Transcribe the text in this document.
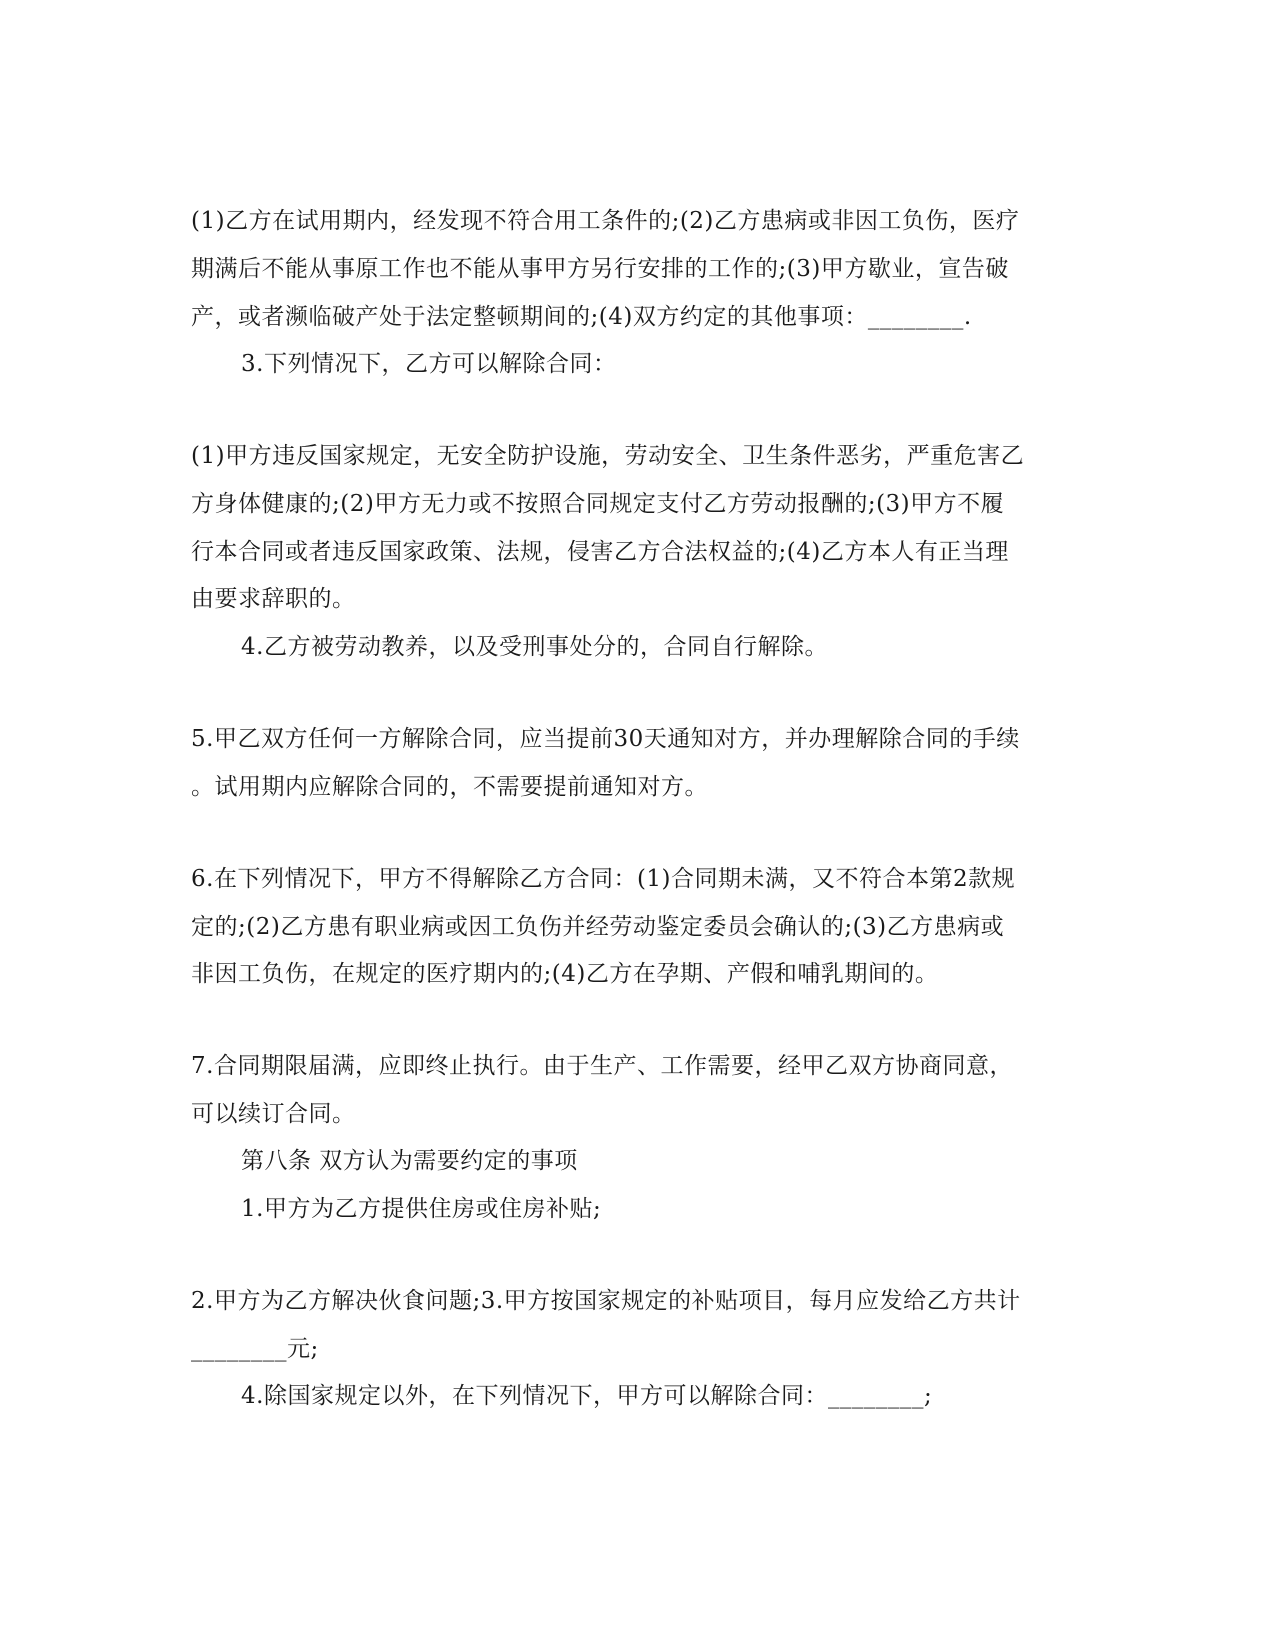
(1)乙方在试用期内，经发现不符合用工条件的;(2)乙方患病或非因工负伤，医疗
期满后不能从事原工作也不能从事甲方另行安排的工作的;(3)甲方歇业，宣告破
产，或者濒临破产处于法定整顿期间的;(4)双方约定的其他事项：________.
3.下列情况下，乙方可以解除合同：
(1)甲方违反国家规定，无安全防护设施，劳动安全、卫生条件恶劣，严重危害乙
方身体健康的;(2)甲方无力或不按照合同规定支付乙方劳动报酬的;(3)甲方不履
行本合同或者违反国家政策、法规，侵害乙方合法权益的;(4)乙方本人有正当理
由要求辞职的。
4.乙方被劳动教养，以及受刑事处分的，合同自行解除。
5.甲乙双方任何一方解除合同，应当提前30天通知对方，并办理解除合同的手续
。试用期内应解除合同的，不需要提前通知对方。
6.在下列情况下，甲方不得解除乙方合同：(1)合同期未满，又不符合本第2款规
定的;(2)乙方患有职业病或因工负伤并经劳动鉴定委员会确认的;(3)乙方患病或
非因工负伤，在规定的医疗期内的;(4)乙方在孕期、产假和哺乳期间的。
7.合同期限届满，应即终止执行。由于生产、工作需要，经甲乙双方协商同意，
可以续订合同。
第八条 双方认为需要约定的事项
1.甲方为乙方提供住房或住房补贴;
2.甲方为乙方解决伙食问题;3.甲方按国家规定的补贴项目，每月应发给乙方共计
________元;
4.除国家规定以外，在下列情况下，甲方可以解除合同：________;
